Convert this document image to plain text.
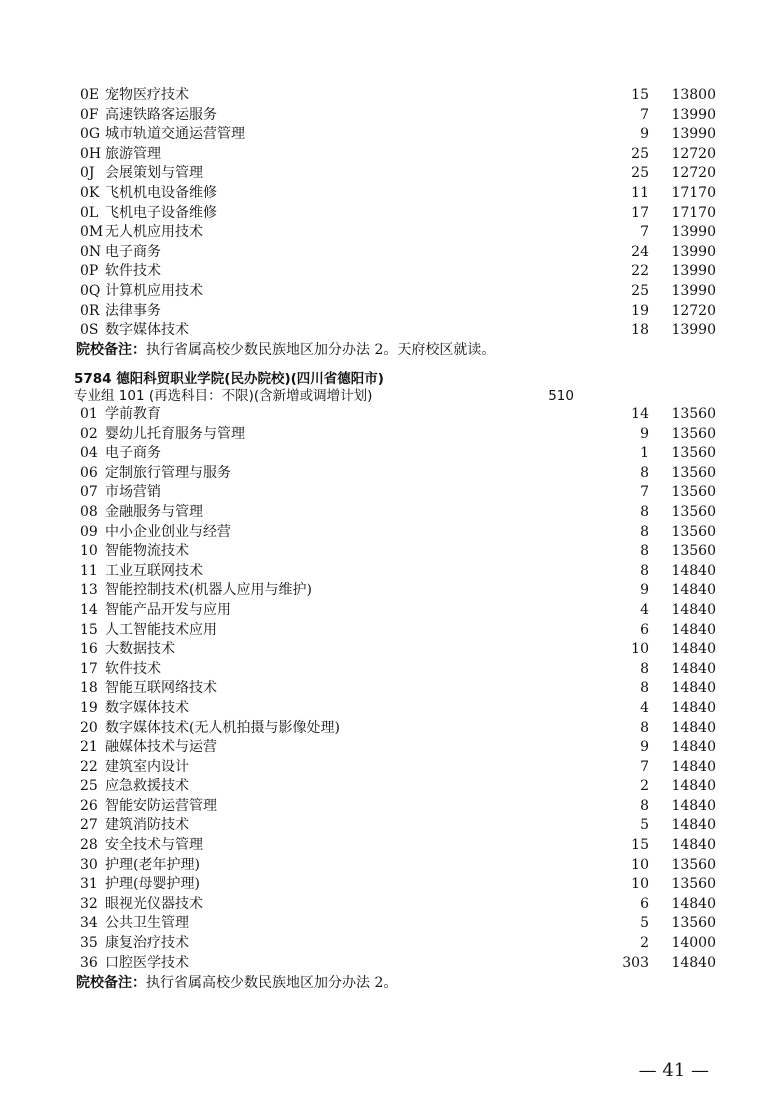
0E 宠物医疗技术	15 13800
0F 高速铁路客运服务	7 13990
0G 城市轨道交通运营管理	9 13990
0H 旅游管理	25 12720
0J 会展策划与管理	25 12720
0K 飞机机电设备维修	11 17170
0L 飞机电子设备维修	17 17170
0M 无人机应用技术	7 13990
0N 电子商务	24 13990
0P 软件技术	22 13990
0Q 计算机应用技术	25 13990
0R 法律事务	19 12720
0S 数字媒体技术	18 13990
院校备注：执行省属高校少数民族地区加分办法 2。天府校区就读。
5784 德阳科贸职业学院(民办院校)(四川省德阳市)
专业组 101 (再选科目：不限)(含新增或调增计划)	510
01 学前教育	14 13560
02 婴幼儿托育服务与管理	9 13560
04 电子商务	1 13560
06 定制旅行管理与服务	8 13560
07 市场营销	7 13560
08 金融服务与管理	8 13560
09 中小企业创业与经营	8 13560
10 智能物流技术	8 13560
11 工业互联网技术	8 14840
13 智能控制技术(机器人应用与维护)	9 14840
14 智能产品开发与应用	4 14840
15 人工智能技术应用	6 14840
16 大数据技术	10 14840
17 软件技术	8 14840
18 智能互联网络技术	8 14840
19 数字媒体技术	4 14840
20 数字媒体技术(无人机拍摄与影像处理)	8 14840
21 融媒体技术与运营	9 14840
22 建筑室内设计	7 14840
25 应急救援技术	2 14840
26 智能安防运营管理	8 14840
27 建筑消防技术	5 14840
28 安全技术与管理	15 14840
30 护理(老年护理)	10 13560
31 护理(母婴护理)	10 13560
32 眼视光仪器技术	6 14840
34 公共卫生管理	5 13560
35 康复治疗技术	2 14000
36 口腔医学技术	303 14840
院校备注：执行省属高校少数民族地区加分办法 2。
— 41 —
